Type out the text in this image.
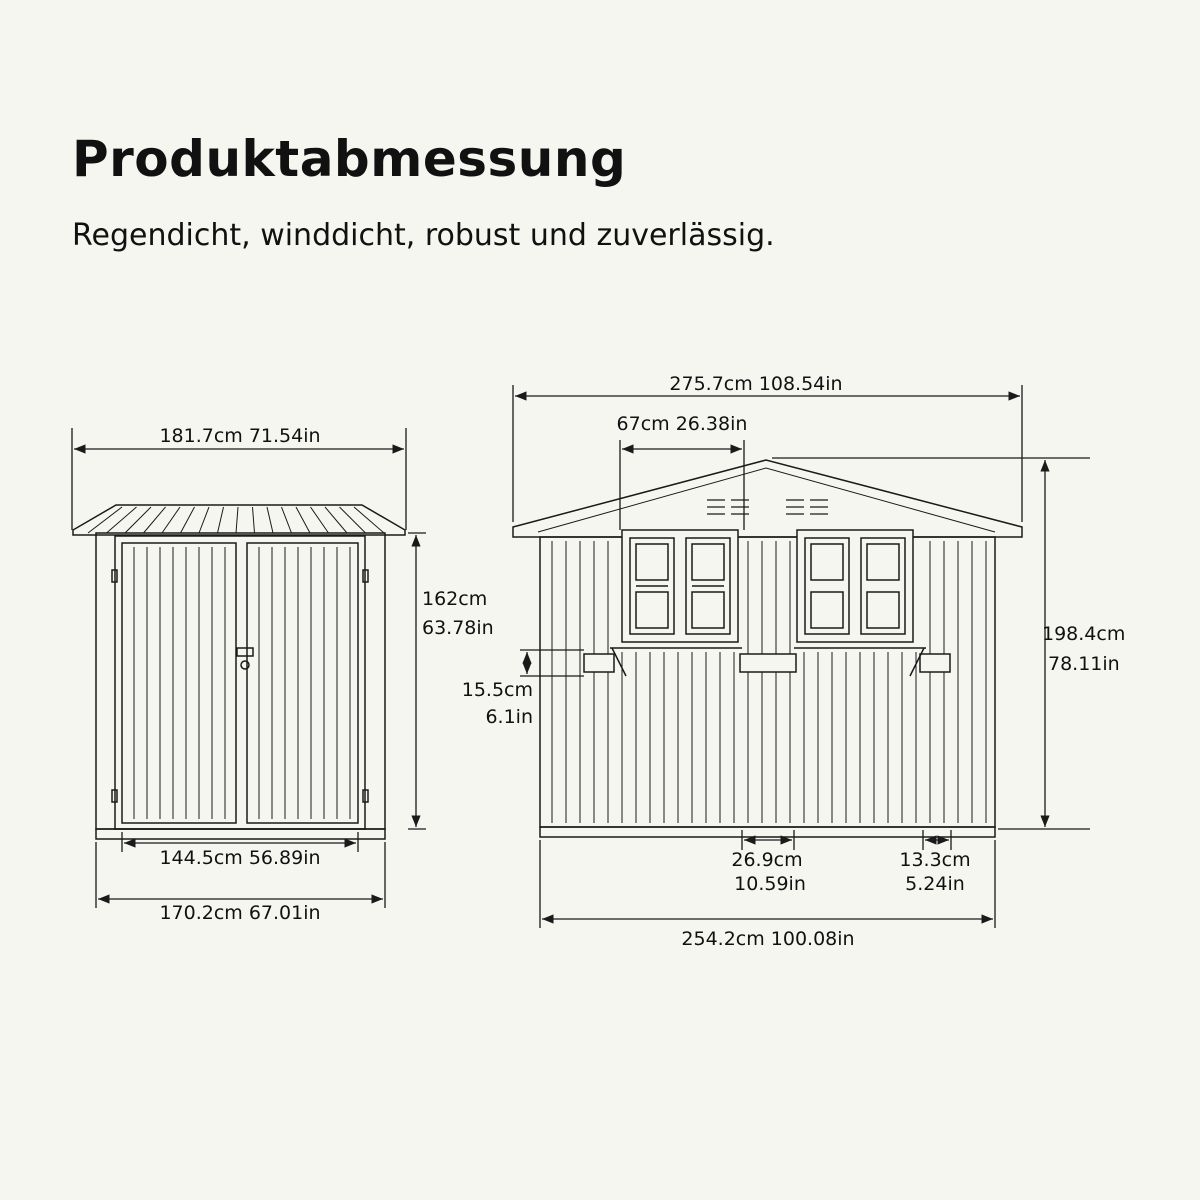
Produktabmessung

Regendicht, winddicht, robust und zuverlässig.

181.7cm 71.54in
162cm
63.78in
144.5cm 56.89in
170.2cm 67.01in
275.7cm 108.54in
67cm 26.38in
198.4cm
78.11in
15.5cm
6.1in
26.9cm
10.59in
13.3cm
5.24in
254.2cm 100.08in
